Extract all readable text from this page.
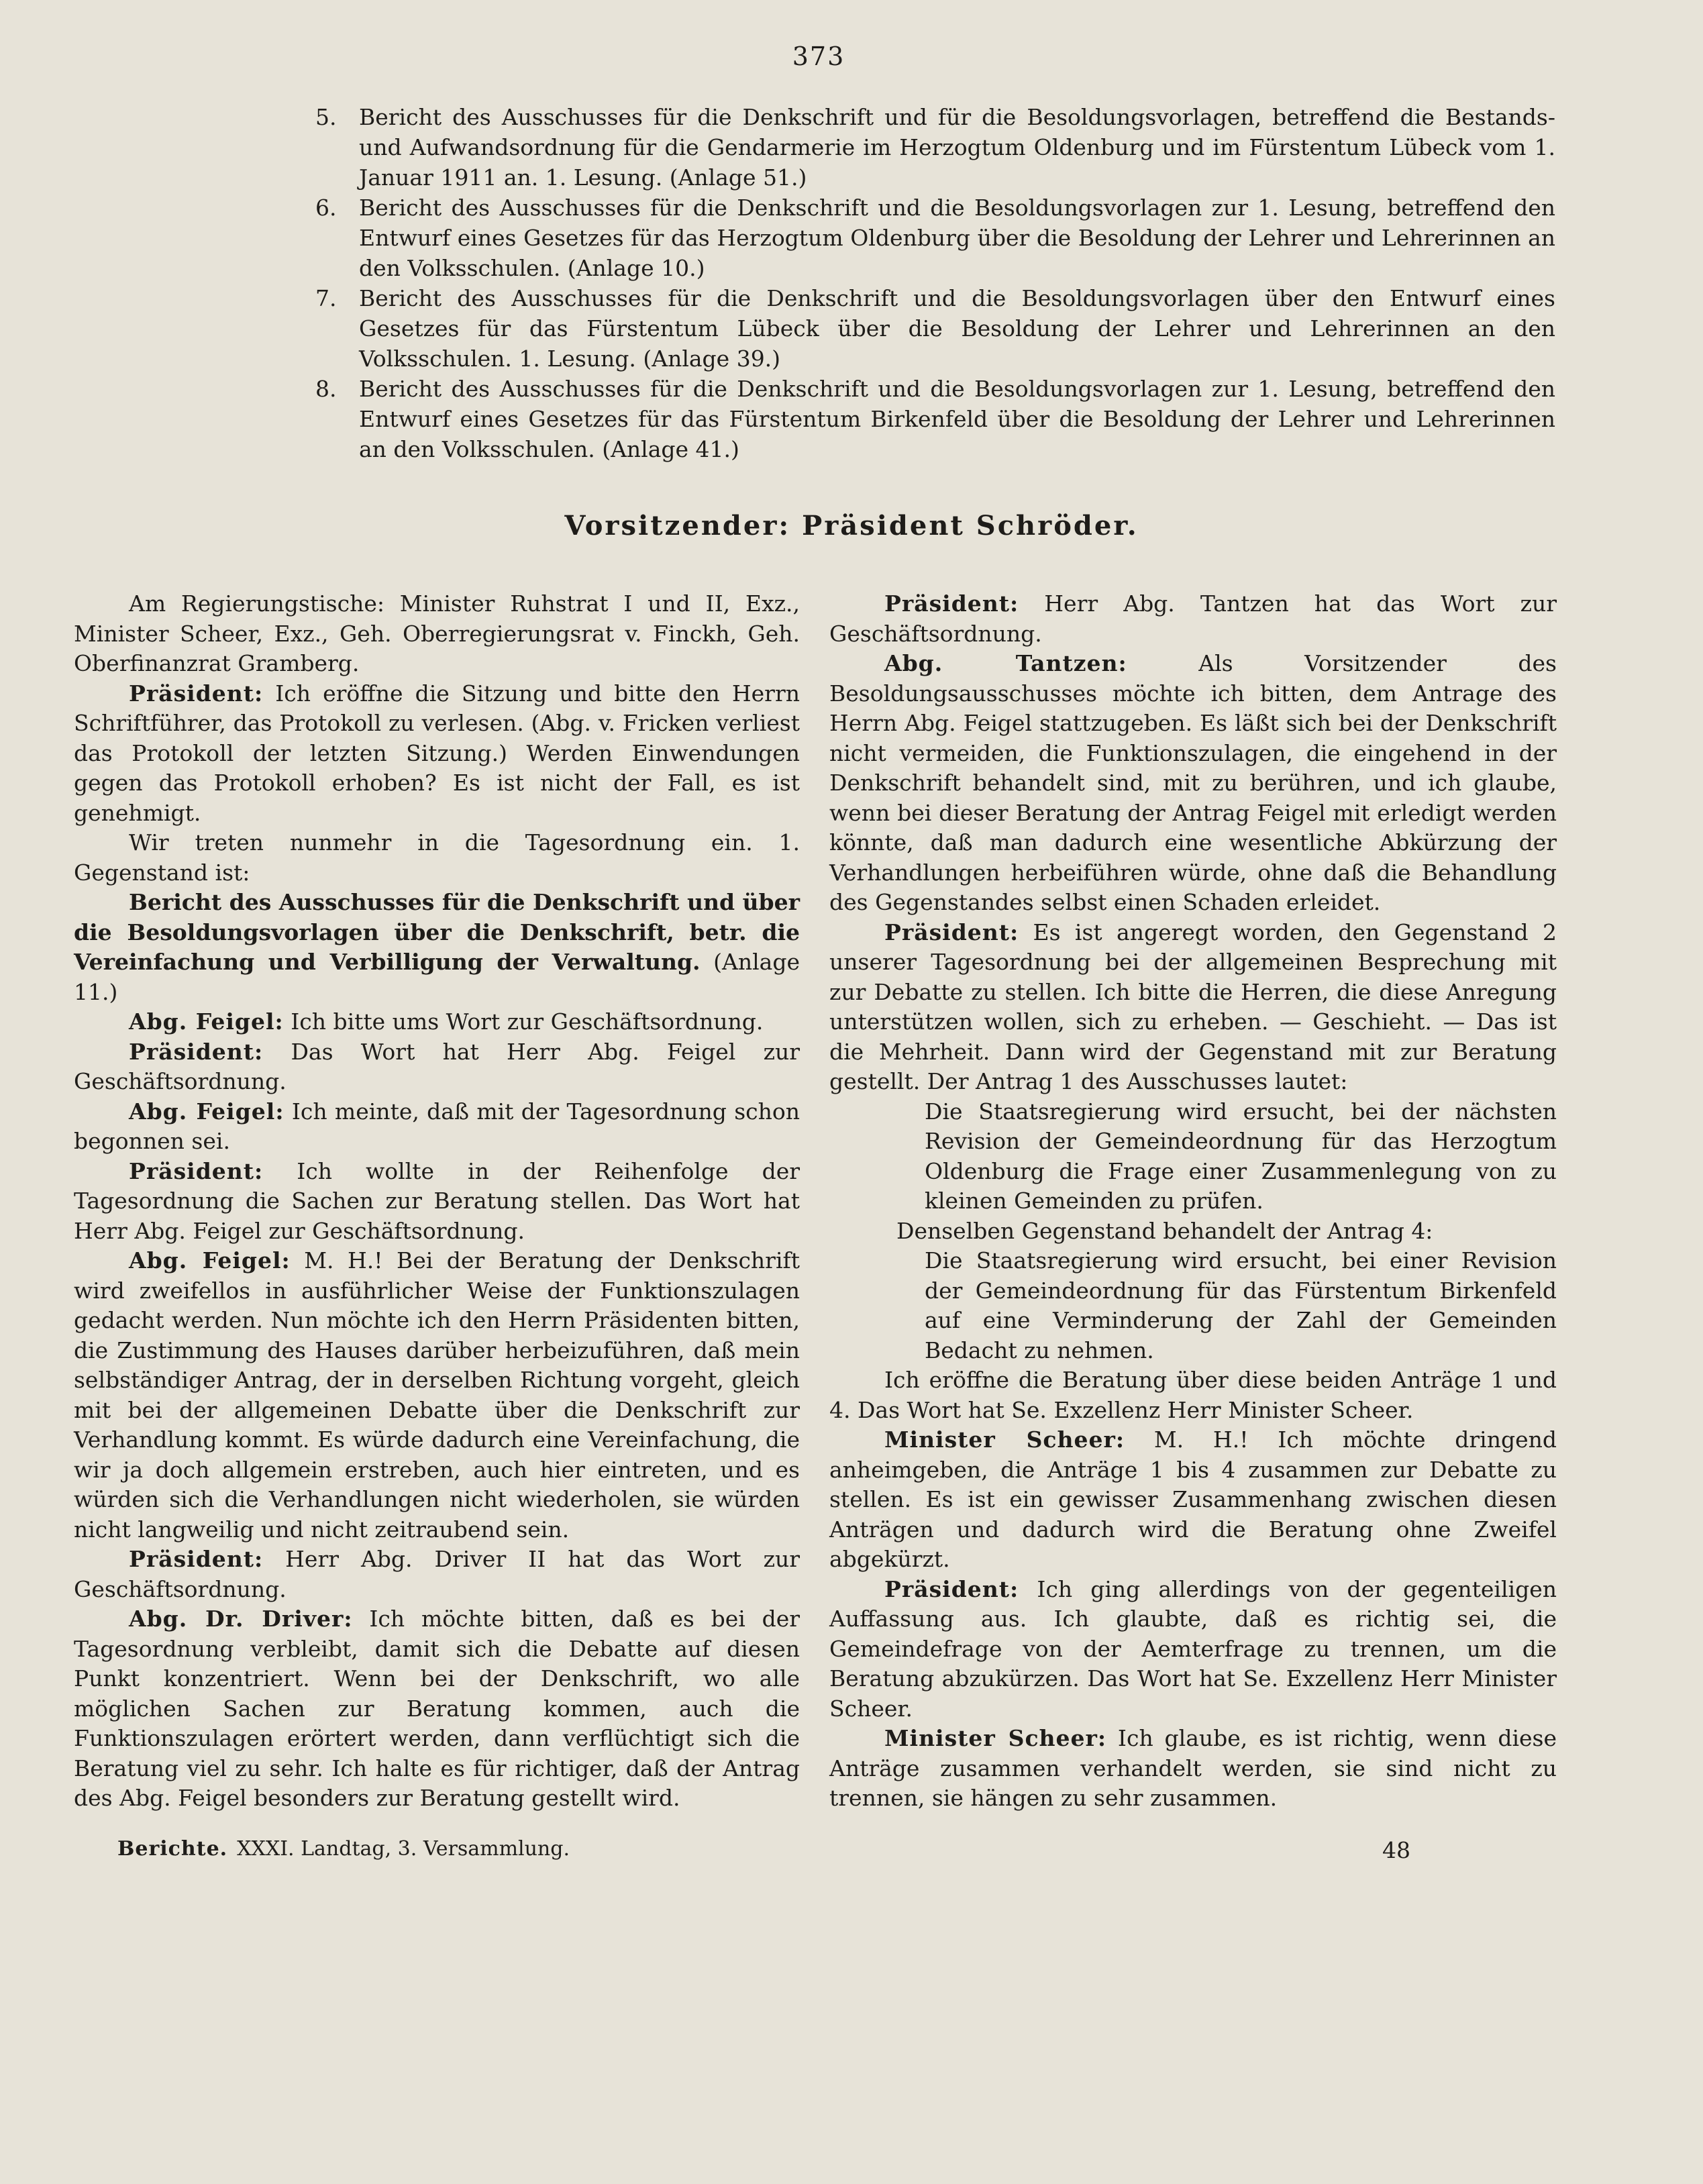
373
5. Bericht des Ausschusses für die Denkschrift und für die Besoldungsvorlagen, betreffend die Bestands- und Aufwandsordnung für die Gendarmerie im Herzogtum Oldenburg und im Fürstentum Lübeck vom 1. Januar 1911 an. 1. Lesung. (Anlage 51.)
6. Bericht des Ausschusses für die Denkschrift und die Besoldungsvorlagen zur 1. Lesung, betreffend den Entwurf eines Gesetzes für das Herzogtum Oldenburg über die Besoldung der Lehrer und Lehrerinnen an den Volksschulen. (Anlage 10.)
7. Bericht des Ausschusses für die Denkschrift und die Besoldungsvorlagen über den Entwurf eines Gesetzes für das Fürstentum Lübeck über die Besoldung der Lehrer und Lehrerinnen an den Volksschulen. 1. Lesung. (Anlage 39.)
8. Bericht des Ausschusses für die Denkschrift und die Besoldungsvorlagen zur 1. Lesung, betreffend den Entwurf eines Gesetzes für das Fürstentum Birkenfeld über die Besoldung der Lehrer und Lehrerinnen an den Volksschulen. (Anlage 41.)
Vorsitzender: Präsident Schröder.

Am Regierungstische: Minister Ruhstrat I und II, Exz., Minister Scheer, Exz., Geh. Oberregierungsrat v. Finckh, Geh. Oberfinanzrat Gramberg.

Präsident: Ich eröffne die Sitzung und bitte den Herrn Schriftführer, das Protokoll zu verlesen. (Abg. v. Fricken verliest das Protokoll der letzten Sitzung.) Werden Einwendungen gegen das Protokoll erhoben? Es ist nicht der Fall, es ist genehmigt.

Wir treten nunmehr in die Tagesordnung ein. 1. Gegenstand ist:

Bericht des Ausschusses für die Denkschrift und über die Besoldungsvorlagen über die Denkschrift, betr. die Vereinfachung und Verbilligung der Verwaltung. (Anlage 11.)

Abg. Feigel: Ich bitte ums Wort zur Geschäftsordnung.

Präsident: Das Wort hat Herr Abg. Feigel zur Geschäftsordnung.

Abg. Feigel: Ich meinte, daß mit der Tagesordnung schon begonnen sei.

Präsident: Ich wollte in der Reihenfolge der Tagesordnung die Sachen zur Beratung stellen. Das Wort hat Herr Abg. Feigel zur Geschäftsordnung.

Abg. Feigel: M. H.! Bei der Beratung der Denkschrift wird zweifellos in ausführlicher Weise der Funktionszulagen gedacht werden. Nun möchte ich den Herrn Präsidenten bitten, die Zustimmung des Hauses darüber herbeizuführen, daß mein selbständiger Antrag, der in derselben Richtung vorgeht, gleich mit bei der allgemeinen Debatte über die Denkschrift zur Verhandlung kommt. Es würde dadurch eine Vereinfachung, die wir ja doch allgemein erstreben, auch hier eintreten, und es würden sich die Verhandlungen nicht wiederholen, sie würden nicht langweilig und nicht zeitraubend sein.

Präsident: Herr Abg. Driver II hat das Wort zur Geschäftsordnung.

Abg. Dr. Driver: Ich möchte bitten, daß es bei der Tagesordnung verbleibt, damit sich die Debatte auf diesen Punkt konzentriert. Wenn bei der Denkschrift, wo alle möglichen Sachen zur Beratung kommen, auch die Funktionszulagen erörtert werden, dann verflüchtigt sich die Beratung viel zu sehr. Ich halte es für richtiger, daß der Antrag des Abg. Feigel besonders zur Beratung gestellt wird.

Präsident: Herr Abg. Tantzen hat das Wort zur Geschäftsordnung.

Abg. Tantzen:	Als Vorsitzender des Besoldungsausschusses möchte ich bitten, dem Antrage des Herrn Abg. Feigel stattzugeben. Es läßt sich bei der Denkschrift nicht vermeiden, die Funktionszulagen, die eingehend in der Denkschrift behandelt sind, mit zu berühren, und ich glaube, wenn bei dieser Beratung der Antrag Feigel mit erledigt werden könnte, daß man dadurch eine wesentliche Abkürzung der Verhandlungen herbeiführen würde, ohne daß die Behandlung des Gegenstandes selbst einen Schaden erleidet.

Präsident: Es ist angeregt worden, den Gegenstand 2 unserer Tagesordnung bei der allgemeinen Besprechung mit zur Debatte zu stellen. Ich bitte die Herren, die diese Anregung unterstützen wollen, sich zu erheben. — Geschieht. — Das ist die Mehrheit. Dann wird der Gegenstand mit zur Beratung gestellt. Der Antrag 1 des Ausschusses lautet:

Die Staatsregierung wird ersucht, bei der nächsten Revision der Gemeindeordnung für das Herzogtum Oldenburg die Frage einer Zusammenlegung von zu kleinen Gemeinden zu prüfen.

Denselben Gegenstand behandelt der Antrag 4:

Die Staatsregierung wird ersucht, bei einer Revision der Gemeindeordnung für das Fürstentum Birkenfeld auf eine Verminderung der Zahl der Gemeinden Bedacht zu nehmen.

Ich eröffne die Beratung über diese beiden Anträge 1 und 4. Das Wort hat Se. Exzellenz Herr Minister Scheer.

Minister Scheer: M. H.! Ich möchte dringend anheimgeben, die Anträge 1 bis 4 zusammen zur Debatte zu stellen. Es ist ein gewisser Zusammenhang zwischen diesen Anträgen und dadurch wird die Beratung ohne Zweifel abgekürzt.

Präsident: Ich ging allerdings von der gegenteiligen Auffassung aus. Ich glaubte, daß es richtig sei, die Gemeindefrage von der Aemterfrage zu trennen, um die Beratung abzukürzen. Das Wort hat Se. Exzellenz Herr Minister Scheer.

Minister Scheer: Ich glaube, es ist richtig, wenn diese Anträge zusammen verhandelt werden, sie sind nicht zu trennen, sie hängen zu sehr zusammen.

Berichte. XXXI. Landtag, 3. Versammlung.	48
